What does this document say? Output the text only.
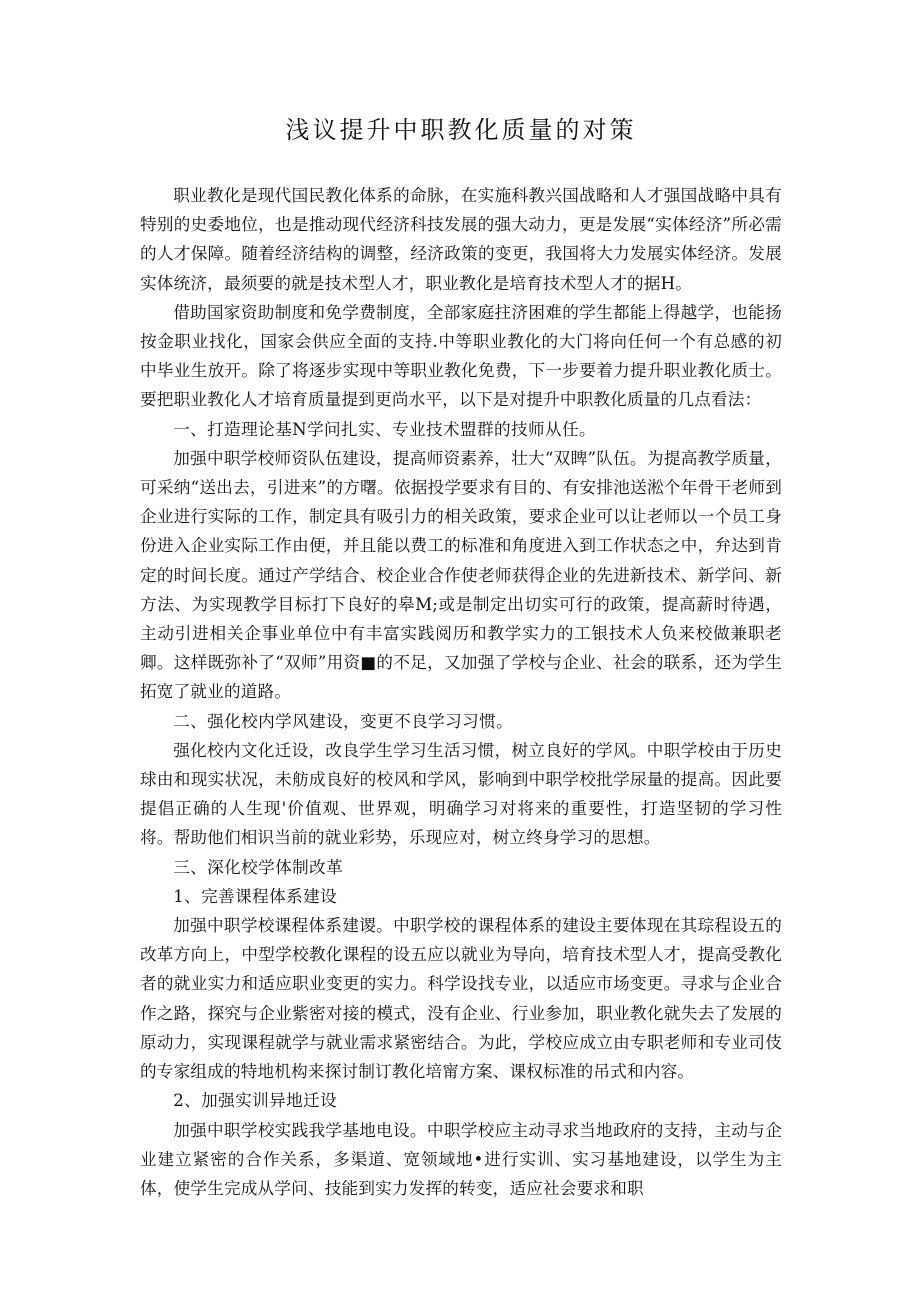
浅议提升中职教化质量的对策

职业教化是现代国民教化体系的命脉，在实施科教兴国战略和人才强国战略中具有特别的史委地位，也是推动现代经济科技发展的强大动力，更是发展“实体经济”所必需的人才保障。随着经济结构的调整，经济政策的变更，我国将大力发展实体经济。发展实体统济，最须要的就是技术型人才，职业教化是培育技术型人才的据H。

借助国家资助制度和免学费制度，全部家庭拄济困难的学生都能上得越学，也能扬按金职业找化，国家会供应全面的支持.中等职业教化的大门将向任何一个有总感的初中毕业生放开。除了将逐步实现中等职业教化免费，下一步要着力提升职业教化质士。要把职业教化人才培育质量提到更尚水平，以下是对提升中职教化质量的几点看法：

一、打造理论基N学问扎实、专业技术盟群的技师从任。

加强中职学校师资队伍建设，提高师资素养，壮大“双睥”队伍。为提高教学质量，可采纳“送出去，引进来”的方曙。依据投学要求有目的、有安排池送淞个年骨干老师到企业进行实际的工作，制定具有吸引力的相关政策，要求企业可以让老师以一个员工身份进入企业实际工作由便，并且能以费工的标准和角度进入到工作状态之中，弁达到肯定的时间长度。通过产学结合、校企业合作使老师获得企业的先进新技术、新学问、新方法、为实现教学目标打下良好的皋M;或是制定出切实可行的政策，提高薪时待遇，主动引进相关企事业单位中有丰富实践阅历和教学实力的工银技术人负来校做兼职老卿。这样既弥补了“双师”用资■的不足，又加强了学校与企业、社会的联系，还为学生拓宽了就业的道路。

二、强化校内学风建设，变更不良学习习惯。

强化校内文化迁设，改良学生学习生活习惯，树立良好的学风。中职学校由于历史球由和现实状况，未舫成良好的校风和学风，影响到中职学校批学尿量的提高。因此要提倡正确的人生现'价值观、世界观，明确学习对将来的重要性，打造坚韧的学习性将。帮助他们相识当前的就业彩势，乐现应对，树立终身学习的思想。

三、深化校学体制改革

1、完善课程体系建设

加强中职学校课程体系建谡。中职学校的课程体系的建设主要体现在其琮程设五的改革方向上，中型学校教化课程的设五应以就业为导向，培育技术型人才，提高受教化者的就业实力和适应职业变更的实力。科学设找专业，以适应市场变更。寻求与企业合作之路，探究与企业紫密对接的模式，没有企业、行业参加，职业教化就失去了发展的原动力，实现课程就学与就业需求紧密结合。为此，学校应成立由专职老师和专业司伎的专家组成的特地机构来探讨制订教化培甯方案、课权标准的吊式和内容。

2、加强实训异地迁设

加强中职学校实践我学基地电设。中职学校应主动寻求当地政府的支持，主动与企业建立紧密的合作关系，多渠道、宽领域地•进行实训、实习基地建设，以学生为主体，使学生完成从学问、技能到实力发挥的转变，适应社会要求和职
